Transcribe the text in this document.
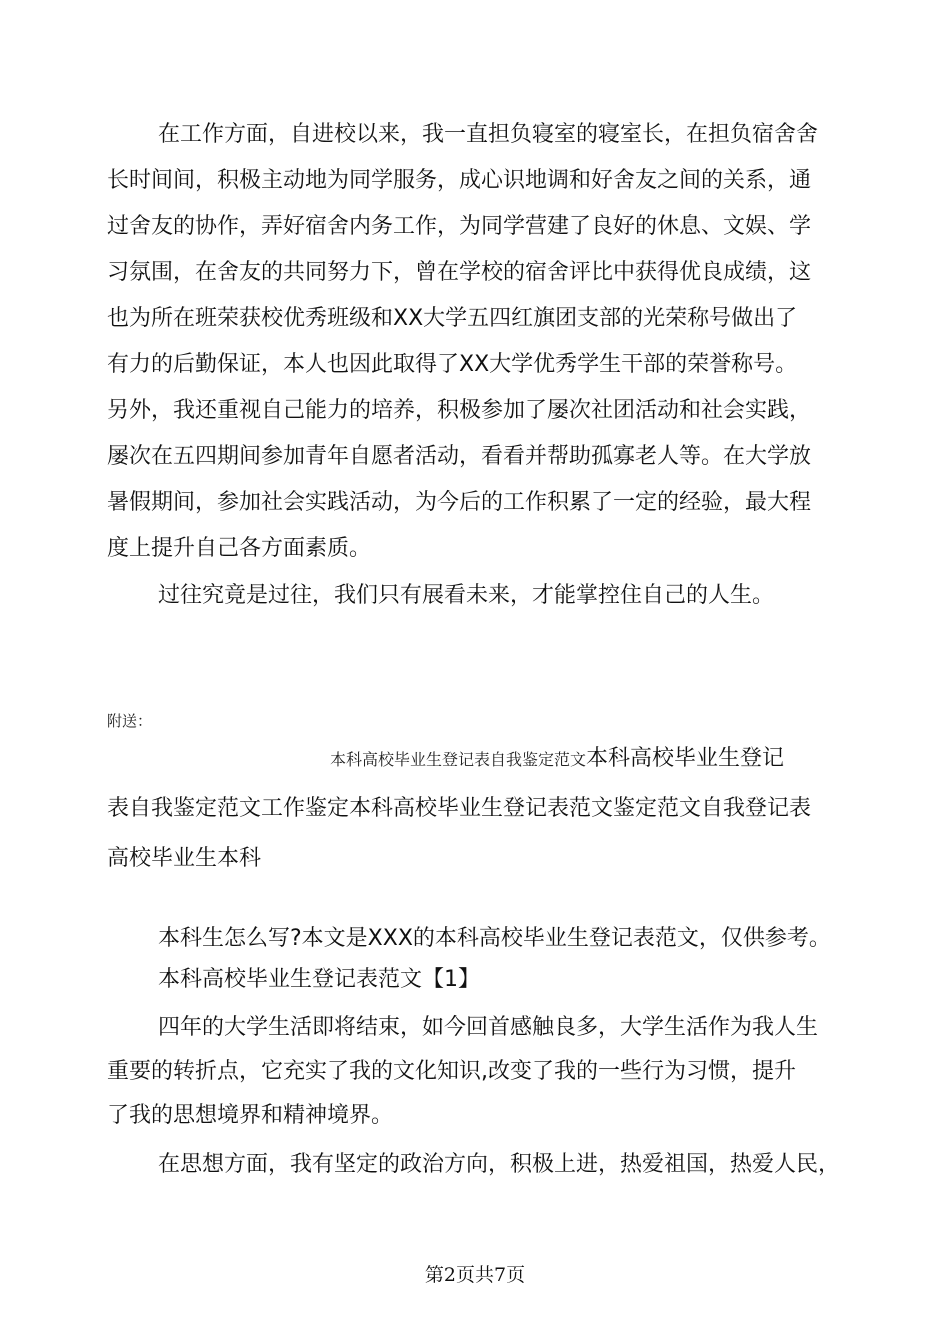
在工作方面，自进校以来，我一直担负寝室的寝室长，在担负宿舍舍
长时间间，积极主动地为同学服务，成心识地调和好舍友之间的关系，通
过舍友的协作，弄好宿舍内务工作，为同学营建了良好的休息、文娱、学
习氛围，在舍友的共同努力下，曾在学校的宿舍评比中获得优良成绩，这
也为所在班荣获校优秀班级和XX大学五四红旗团支部的光荣称号做出了
有力的后勤保证，本人也因此取得了XX大学优秀学生干部的荣誉称号。
另外，我还重视自己能力的培养，积极参加了屡次社团活动和社会实践，
屡次在五四期间参加青年自愿者活动，看看并帮助孤寡老人等。在大学放
暑假期间，参加社会实践活动，为今后的工作积累了一定的经验，最大程
度上提升自己各方面素质。
过往究竟是过往，我们只有展看未来，才能掌控住自己的人生。
附送：
本科高校毕业生登记表自我鉴定范文本科高校毕业生登记
表自我鉴定范文工作鉴定本科高校毕业生登记表范文鉴定范文自我登记表
高校毕业生本科
本科生怎么写?本文是XXX的本科高校毕业生登记表范文，仅供参考。
本科高校毕业生登记表范文【1】
四年的大学生活即将结束，如今回首感触良多，大学生活作为我人生
重要的转折点，它充实了我的文化知识,改变了我的一些行为习惯，提升
了我的思想境界和精神境界。
在思想方面，我有坚定的政治方向，积极上进，热爱祖国，热爱人民，
第2页共7页
